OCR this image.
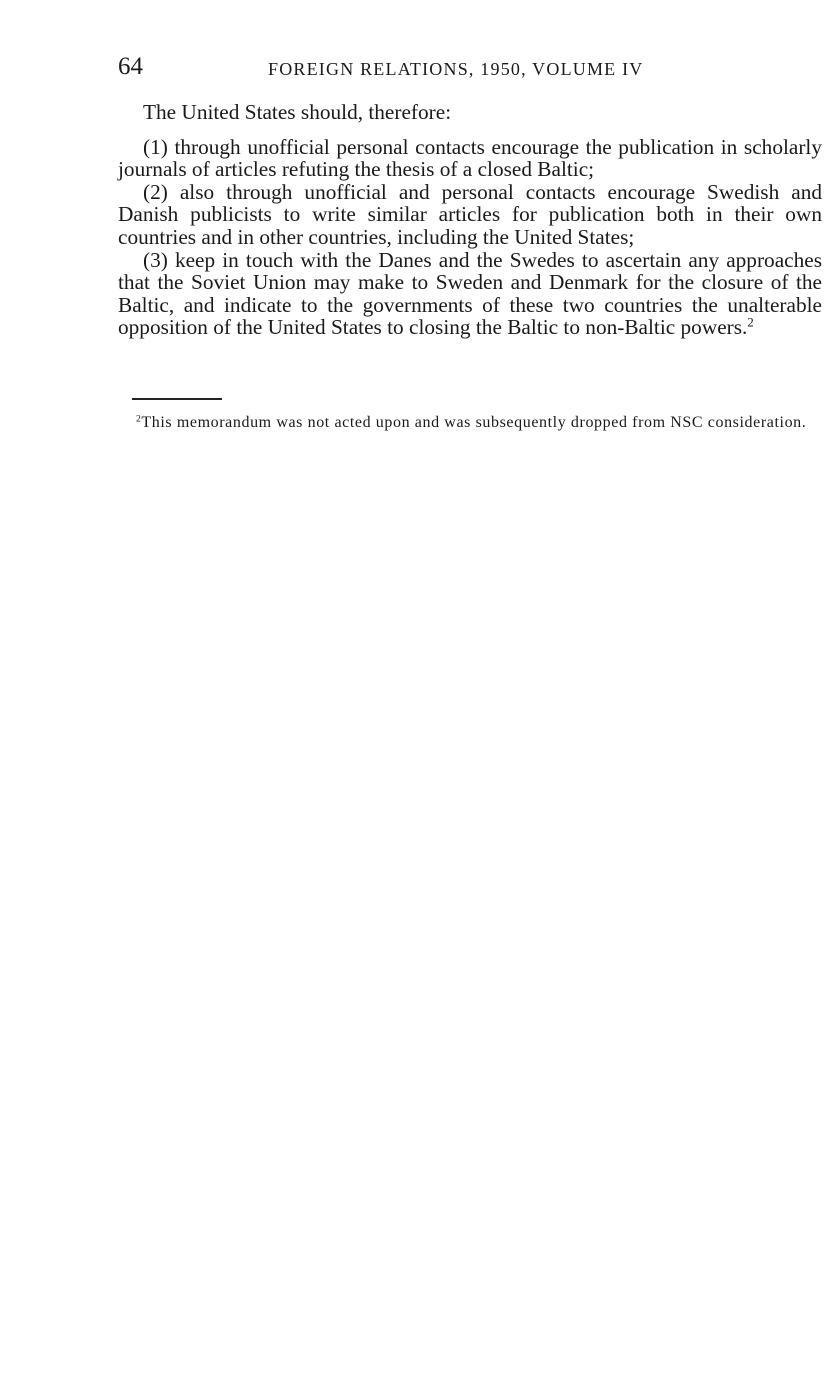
64	FOREIGN RELATIONS, 1950, VOLUME IV

The United States should, therefore:

(1) through unofficial personal contacts encourage the publication in scholarly journals of articles refuting the thesis of a closed Baltic;

(2) also through unofficial and personal contacts encourage Swedish and Danish publicists to write similar articles for publication both in their own countries and in other countries, including the United States;

(3) keep in touch with the Danes and the Swedes to ascertain any approaches that the Soviet Union may make to Sweden and Denmark for the closure of the Baltic, and indicate to the governments of these two countries the unalterable opposition of the United States to closing the Baltic to non-Baltic powers.$^2$

$^2$This memorandum was not acted upon and was subsequently dropped from NSC consideration.
